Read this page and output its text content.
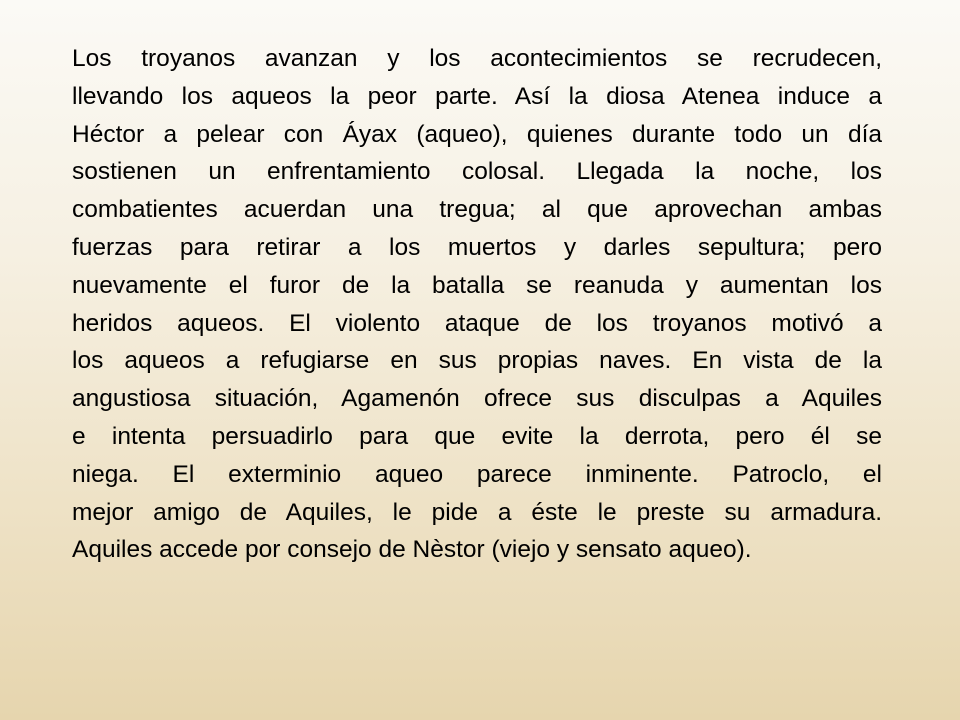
Los troyanos avanzan y los acontecimientos se recrudecen,
llevando los aqueos la peor parte. Así la diosa Atenea induce a
Héctor a pelear con Áyax (aqueo), quienes durante todo un día
sostienen un enfrentamiento colosal. Llegada la noche, los
combatientes acuerdan una tregua; al que aprovechan ambas
fuerzas para retirar a los muertos y darles sepultura; pero
nuevamente el furor de la batalla se reanuda y aumentan los
heridos aqueos. El violento ataque de los troyanos motivó a
los aqueos a refugiarse en sus propias naves. En vista de la
angustiosa situación, Agamenón ofrece sus disculpas a Aquiles
e intenta persuadirlo para que evite la derrota, pero él se
niega. El exterminio aqueo parece inminente. Patroclo, el
mejor amigo de Aquiles, le pide a éste le preste su armadura.
Aquiles accede por consejo de Nèstor (viejo y sensato aqueo).
